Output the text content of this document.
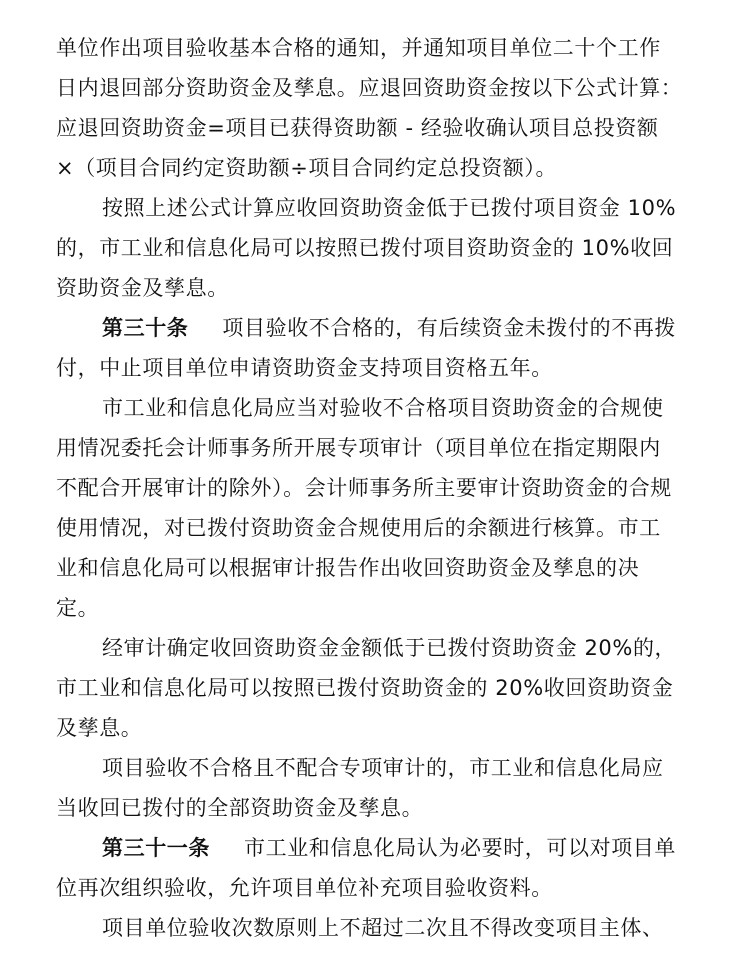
单位作出项目验收基本合格的通知，并通知项目单位二十个工作
日内退回部分资助资金及孳息。应退回资助资金按以下公式计算：
应退回资助资金=项目已获得资助额 - 经验收确认项目总投资额
×（项目合同约定资助额÷项目合同约定总投资额）。
按照上述公式计算应收回资助资金低于已拨付项目资金 10%
的，市工业和信息化局可以按照已拨付项目资助资金的 10%收回
资助资金及孳息。
第三十条 项目验收不合格的，有后续资金未拨付的不再拨
付，中止项目单位申请资助资金支持项目资格五年。
市工业和信息化局应当对验收不合格项目资助资金的合规使
用情况委托会计师事务所开展专项审计（项目单位在指定期限内
不配合开展审计的除外）。会计师事务所主要审计资助资金的合规
使用情况，对已拨付资助资金合规使用后的余额进行核算。市工
业和信息化局可以根据审计报告作出收回资助资金及孳息的决
定。
经审计确定收回资助资金金额低于已拨付资助资金 20%的，
市工业和信息化局可以按照已拨付资助资金的 20%收回资助资金
及孳息。
项目验收不合格且不配合专项审计的，市工业和信息化局应
当收回已拨付的全部资助资金及孳息。
第三十一条 市工业和信息化局认为必要时，可以对项目单
位再次组织验收，允许项目单位补充项目验收资料。
项目单位验收次数原则上不超过二次且不得改变项目主体、
